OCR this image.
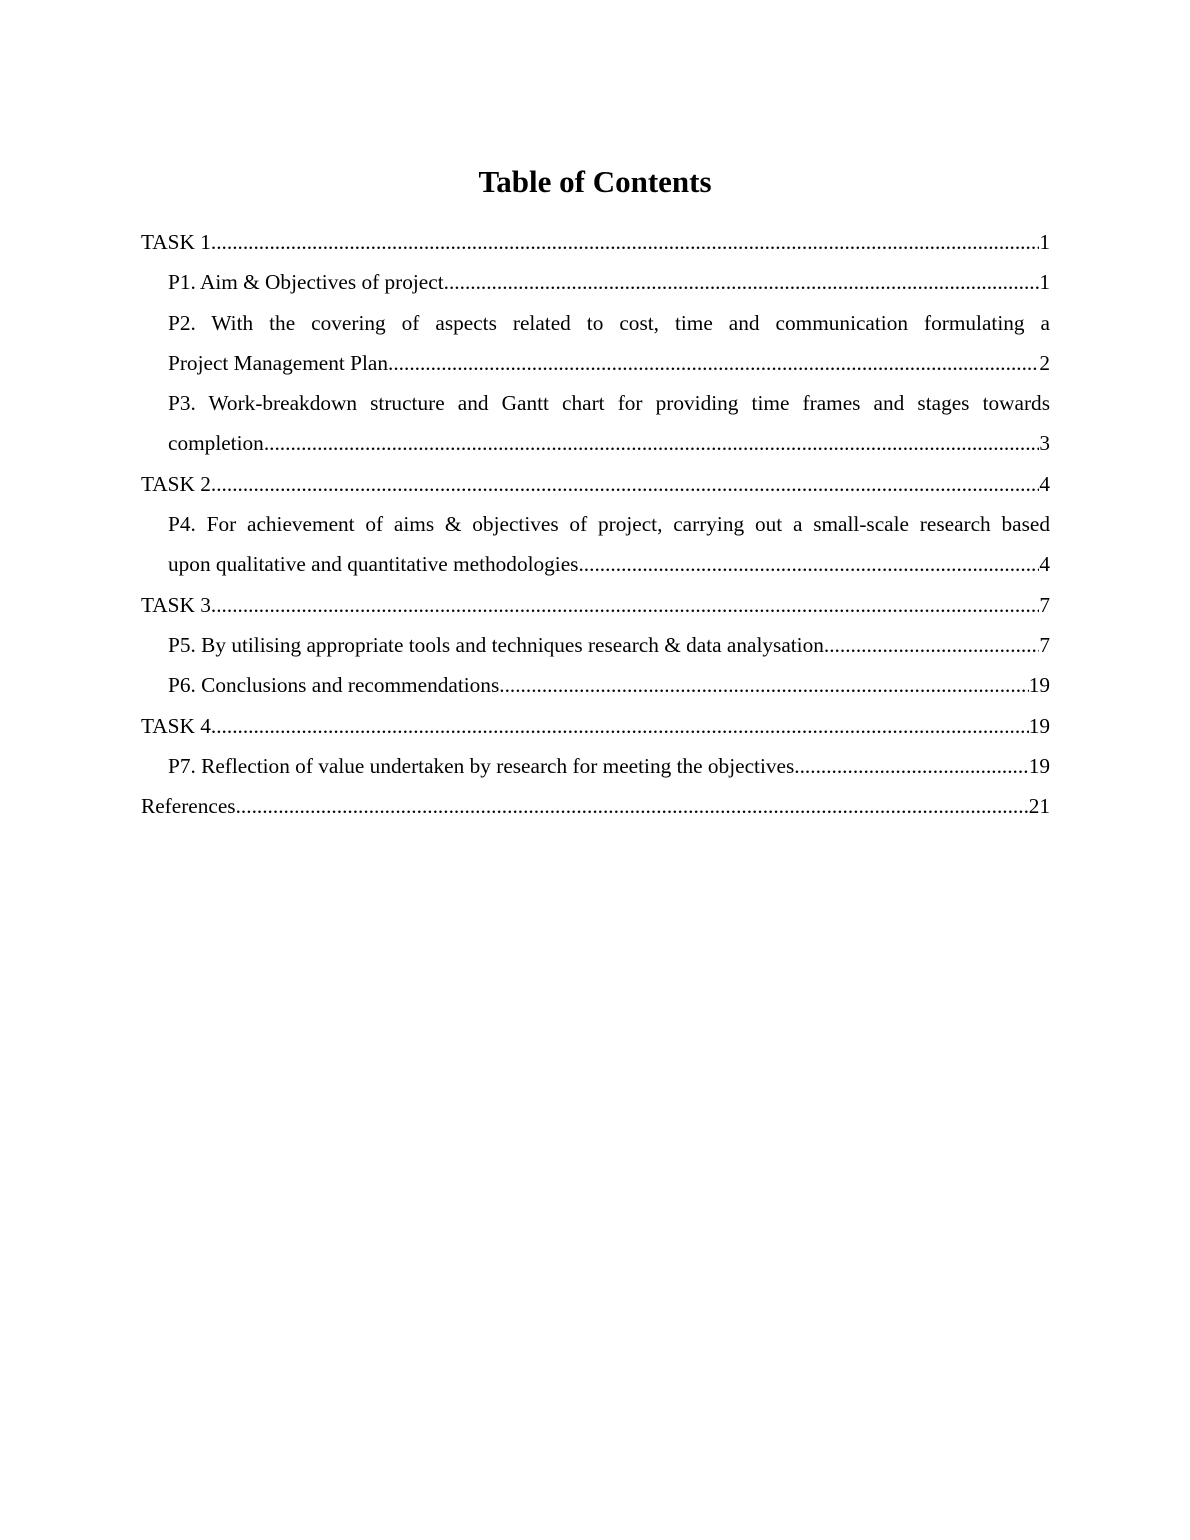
Table of Contents
TASK 1 .....	1
P1. Aim & Objectives of project .....	1
P2. With the covering of aspects related to cost, time and communication formulating a
Project Management Plan .....	2
P3. Work-breakdown structure and Gantt chart for providing time frames and stages towards
completion .....	3
TASK 2 .....	4
P4. For achievement of aims & objectives of project, carrying out a small-scale research based
upon qualitative and quantitative methodologies .....	4
TASK 3 .....	7
P5. By utilising appropriate tools and techniques research & data analysation .....	7
P6. Conclusions and recommendations .....	19
TASK 4 .....	19
P7. Reflection of value undertaken by research for meeting the objectives .....	19
References .....	21
